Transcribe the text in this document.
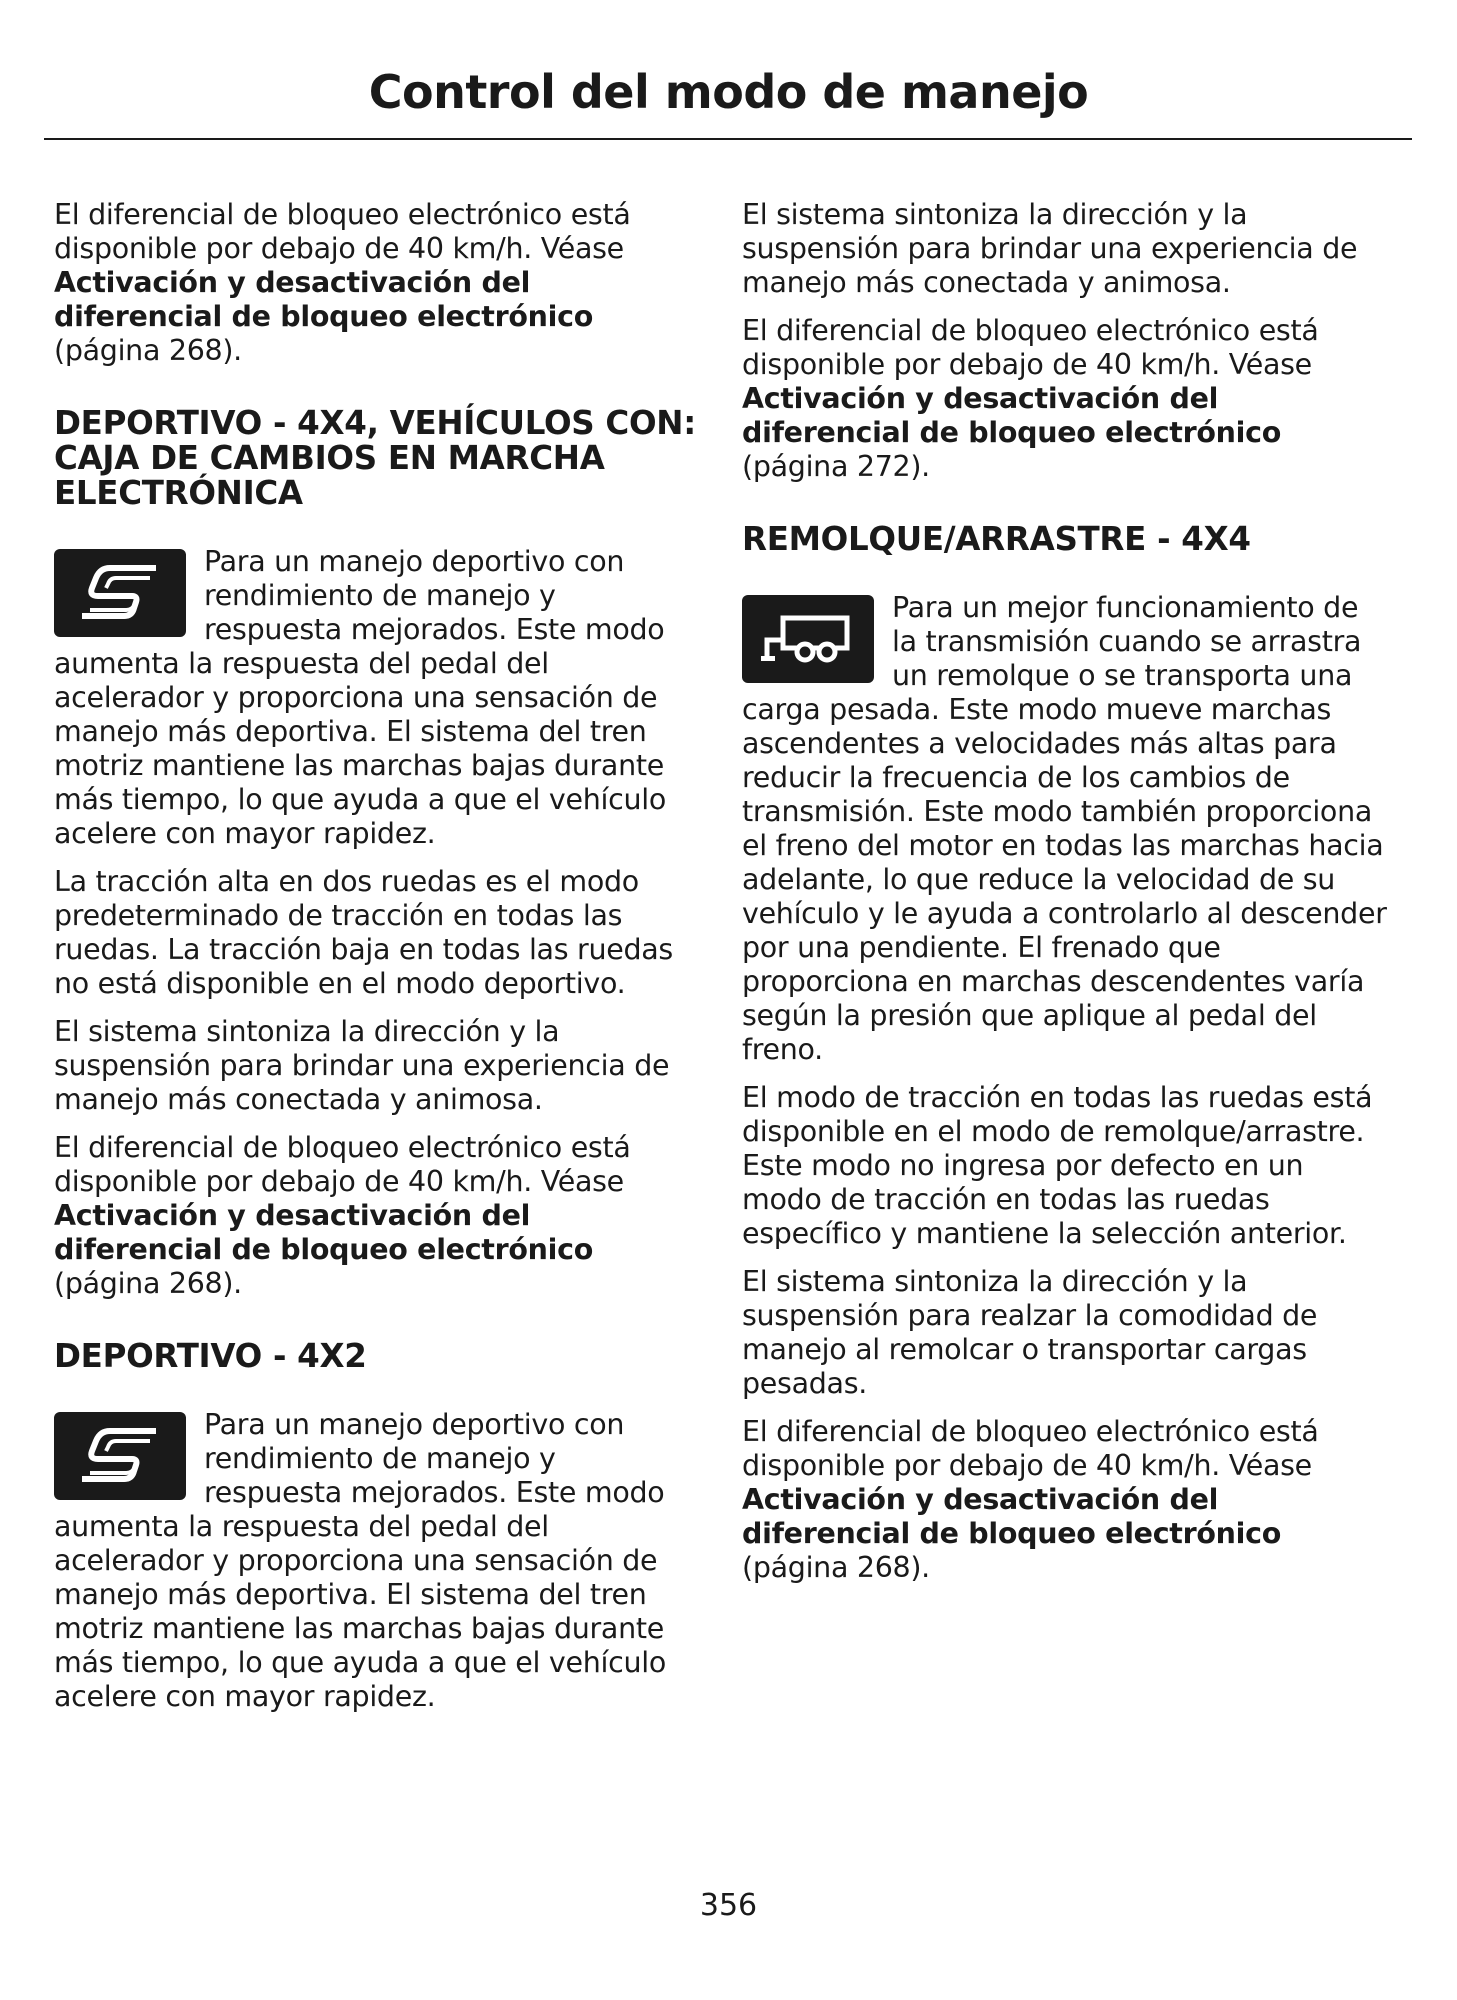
Control del modo de manejo

El diferencial de bloqueo electrónico está disponible por debajo de 40 km/h. Véase Activación y desactivación del diferencial de bloqueo electrónico (página 268).

DEPORTIVO - 4X4, VEHÍCULOS CON: CAJA DE CAMBIOS EN MARCHA ELECTRÓNICA

Para un manejo deportivo con rendimiento de manejo y respuesta mejorados. Este modo aumenta la respuesta del pedal del acelerador y proporciona una sensación de manejo más deportiva. El sistema del tren motriz mantiene las marchas bajas durante más tiempo, lo que ayuda a que el vehículo acelere con mayor rapidez.

La tracción alta en dos ruedas es el modo predeterminado de tracción en todas las ruedas. La tracción baja en todas las ruedas no está disponible en el modo deportivo.

El sistema sintoniza la dirección y la suspensión para brindar una experiencia de manejo más conectada y animosa.

El diferencial de bloqueo electrónico está disponible por debajo de 40 km/h. Véase Activación y desactivación del diferencial de bloqueo electrónico (página 268).

DEPORTIVO - 4X2

Para un manejo deportivo con rendimiento de manejo y respuesta mejorados. Este modo aumenta la respuesta del pedal del acelerador y proporciona una sensación de manejo más deportiva. El sistema del tren motriz mantiene las marchas bajas durante más tiempo, lo que ayuda a que el vehículo acelere con mayor rapidez.

El sistema sintoniza la dirección y la suspensión para brindar una experiencia de manejo más conectada y animosa.

El diferencial de bloqueo electrónico está disponible por debajo de 40 km/h. Véase Activación y desactivación del diferencial de bloqueo electrónico (página 272).

REMOLQUE/ARRASTRE - 4X4

Para un mejor funcionamiento de la transmisión cuando se arrastra un remolque o se transporta una carga pesada. Este modo mueve marchas ascendentes a velocidades más altas para reducir la frecuencia de los cambios de transmisión. Este modo también proporciona el freno del motor en todas las marchas hacia adelante, lo que reduce la velocidad de su vehículo y le ayuda a controlarlo al descender por una pendiente. El frenado que proporciona en marchas descendentes varía según la presión que aplique al pedal del freno.

El modo de tracción en todas las ruedas está disponible en el modo de remolque/arrastre. Este modo no ingresa por defecto en un modo de tracción en todas las ruedas específico y mantiene la selección anterior.

El sistema sintoniza la dirección y la suspensión para realzar la comodidad de manejo al remolcar o transportar cargas pesadas.

El diferencial de bloqueo electrónico está disponible por debajo de 40 km/h. Véase Activación y desactivación del diferencial de bloqueo electrónico (página 268).

356
